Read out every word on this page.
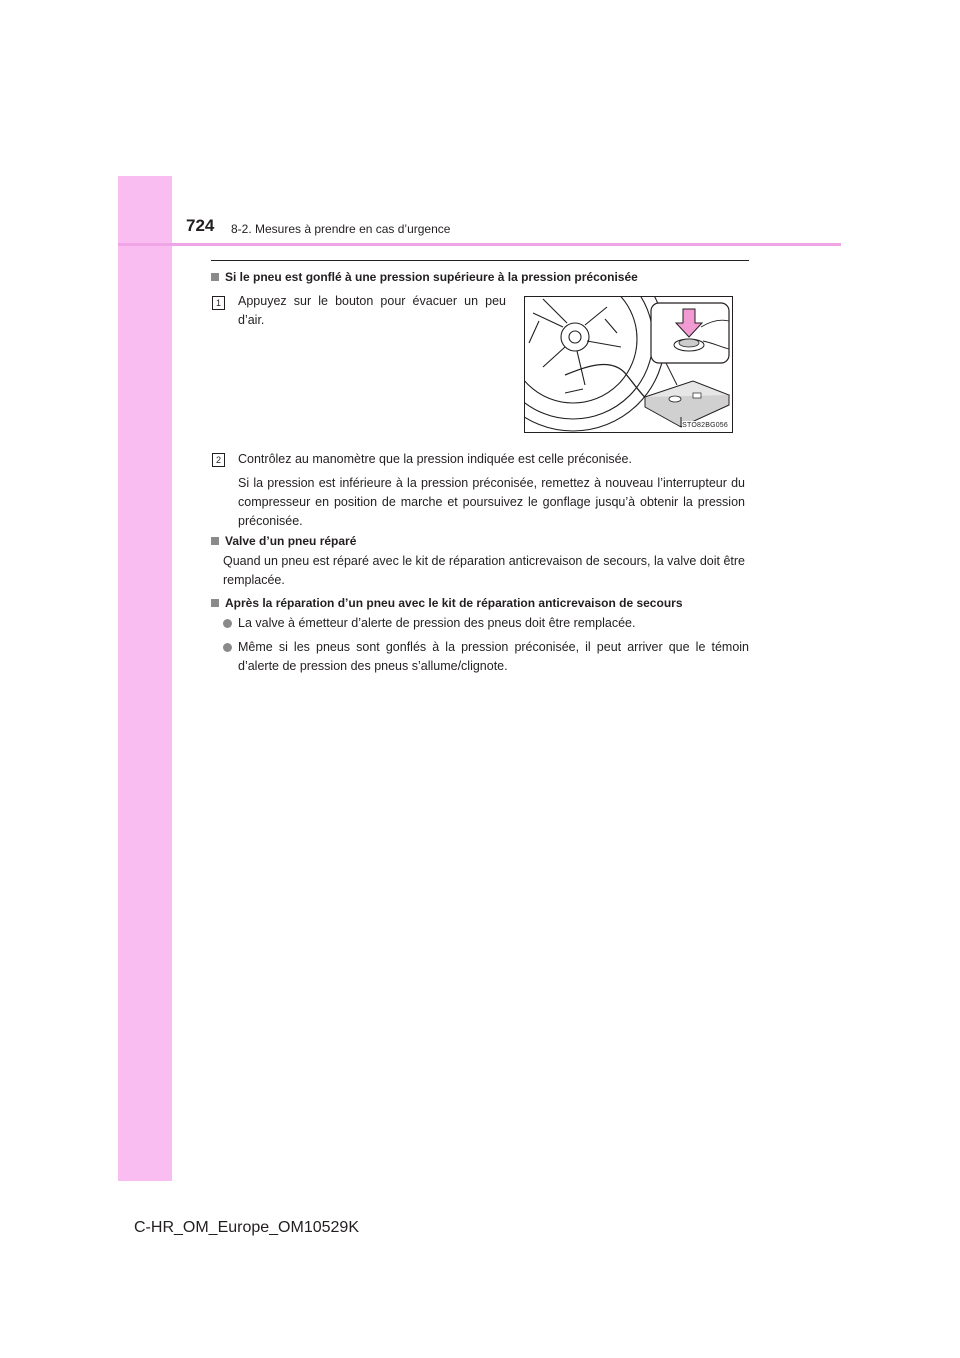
724 8-2. Mesures à prendre en cas d’urgence
Si le pneu est gonflé à une pression supérieure à la pression préconisée
1	Appuyez sur le bouton pour évacuer un peu d’air.
STO82BG056
2	Contrôlez au manomètre que la pression indiquée est celle préconisée.
Si la pression est inférieure à la pression préconisée, remettez à nouveau l’interrupteur du compresseur en position de marche et poursuivez le gonflage jusqu’à obtenir la pression préconisée.
Valve d’un pneu réparé
Quand un pneu est réparé avec le kit de réparation anticrevaison de secours, la valve doit être remplacée.
Après la réparation d’un pneu avec le kit de réparation anticrevaison de secours
La valve à émetteur d’alerte de pression des pneus doit être remplacée.
Même si les pneus sont gonflés à la pression préconisée, il peut arriver que le témoin d’alerte de pression des pneus s’allume/clignote.
C-HR_OM_Europe_OM10529K
